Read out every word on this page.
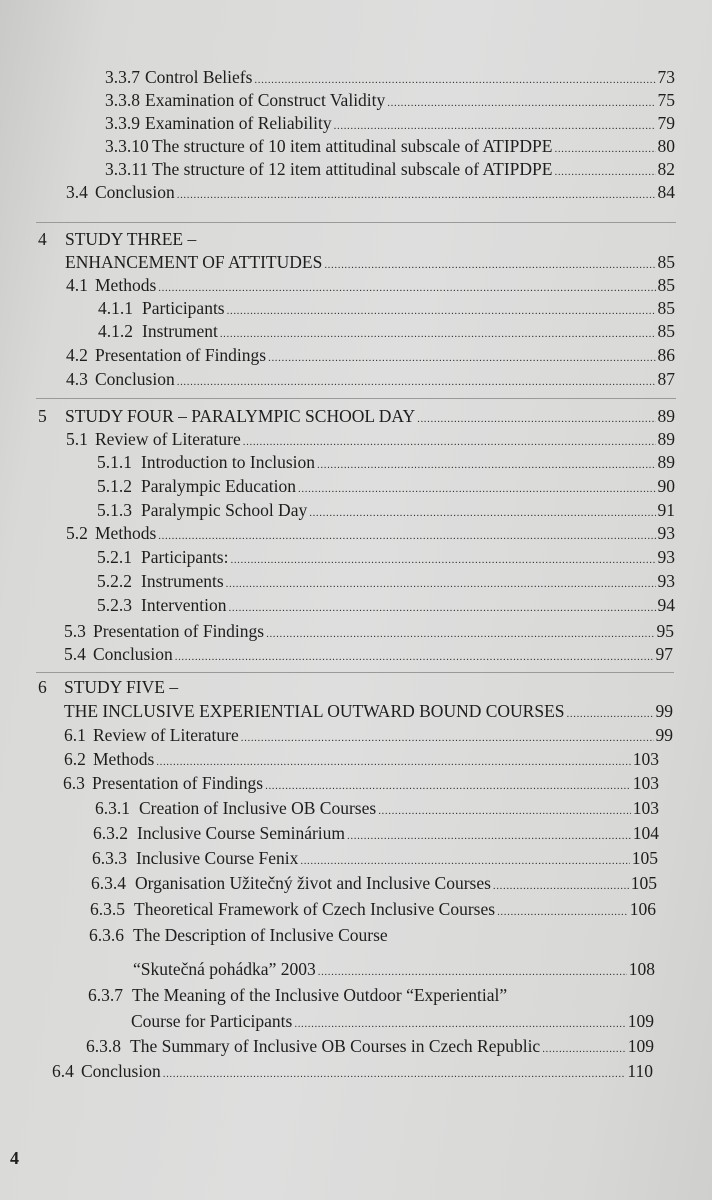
3.3.7 Control Beliefs .....	73
3.3.8 Examination of Construct Validity .....	75
3.3.9 Examination of Reliability .....	79
3.3.10 The structure of 10 item attitudinal subscale of ATIPDPE .....	80
3.3.11 The structure of 12 item attitudinal subscale of ATIPDPE .....	82
3.4 Conclusion .....	84
4 STUDY THREE –
ENHANCEMENT OF ATTITUDES .....	85
4.1 Methods .....	85
4.1.1 Participants .....	85
4.1.2 Instrument .....	85
4.2 Presentation of Findings .....	86
4.3 Conclusion .....	87
5	STUDY FOUR – PARALYMPIC SCHOOL DAY .....	89
5.1 Review of Literature .....	89
5.1.1 Introduction to Inclusion .....	89
5.1.2 Paralympic Education .....	90
5.1.3 Paralympic School Day .....	91
5.2 Methods .....	93
5.2.1 Participants: .....	93
5.2.2 Instruments .....	93
5.2.3 Intervention .....	94
5.3 Presentation of Findings .....	95
5.4 Conclusion .....	97
6 STUDY FIVE –
THE INCLUSIVE EXPERIENTIAL OUTWARD BOUND COURSES .....	99
6.1 Review of Literature .....	99
6.2 Methods .....	103
6.3 Presentation of Findings .....	103
6.3.1 Creation of Inclusive OB Courses .....	103
6.3.2 Inclusive Course Seminárium .....	104
6.3.3 Inclusive Course Fenix .....	105
6.3.4 Organisation Užitečný život and Inclusive Courses .....	105
6.3.5 Theoretical Framework of Czech Inclusive Courses .....	106
6.3.6 The Description of Inclusive Course
“Skutečná pohádka” 2003 .....	108
6.3.7 The Meaning of the Inclusive Outdoor “Experiential”
Course for Participants .....	109
6.3.8 The Summary of Inclusive OB Courses in Czech Republic .....	109
6.4 Conclusion .....	110
4
